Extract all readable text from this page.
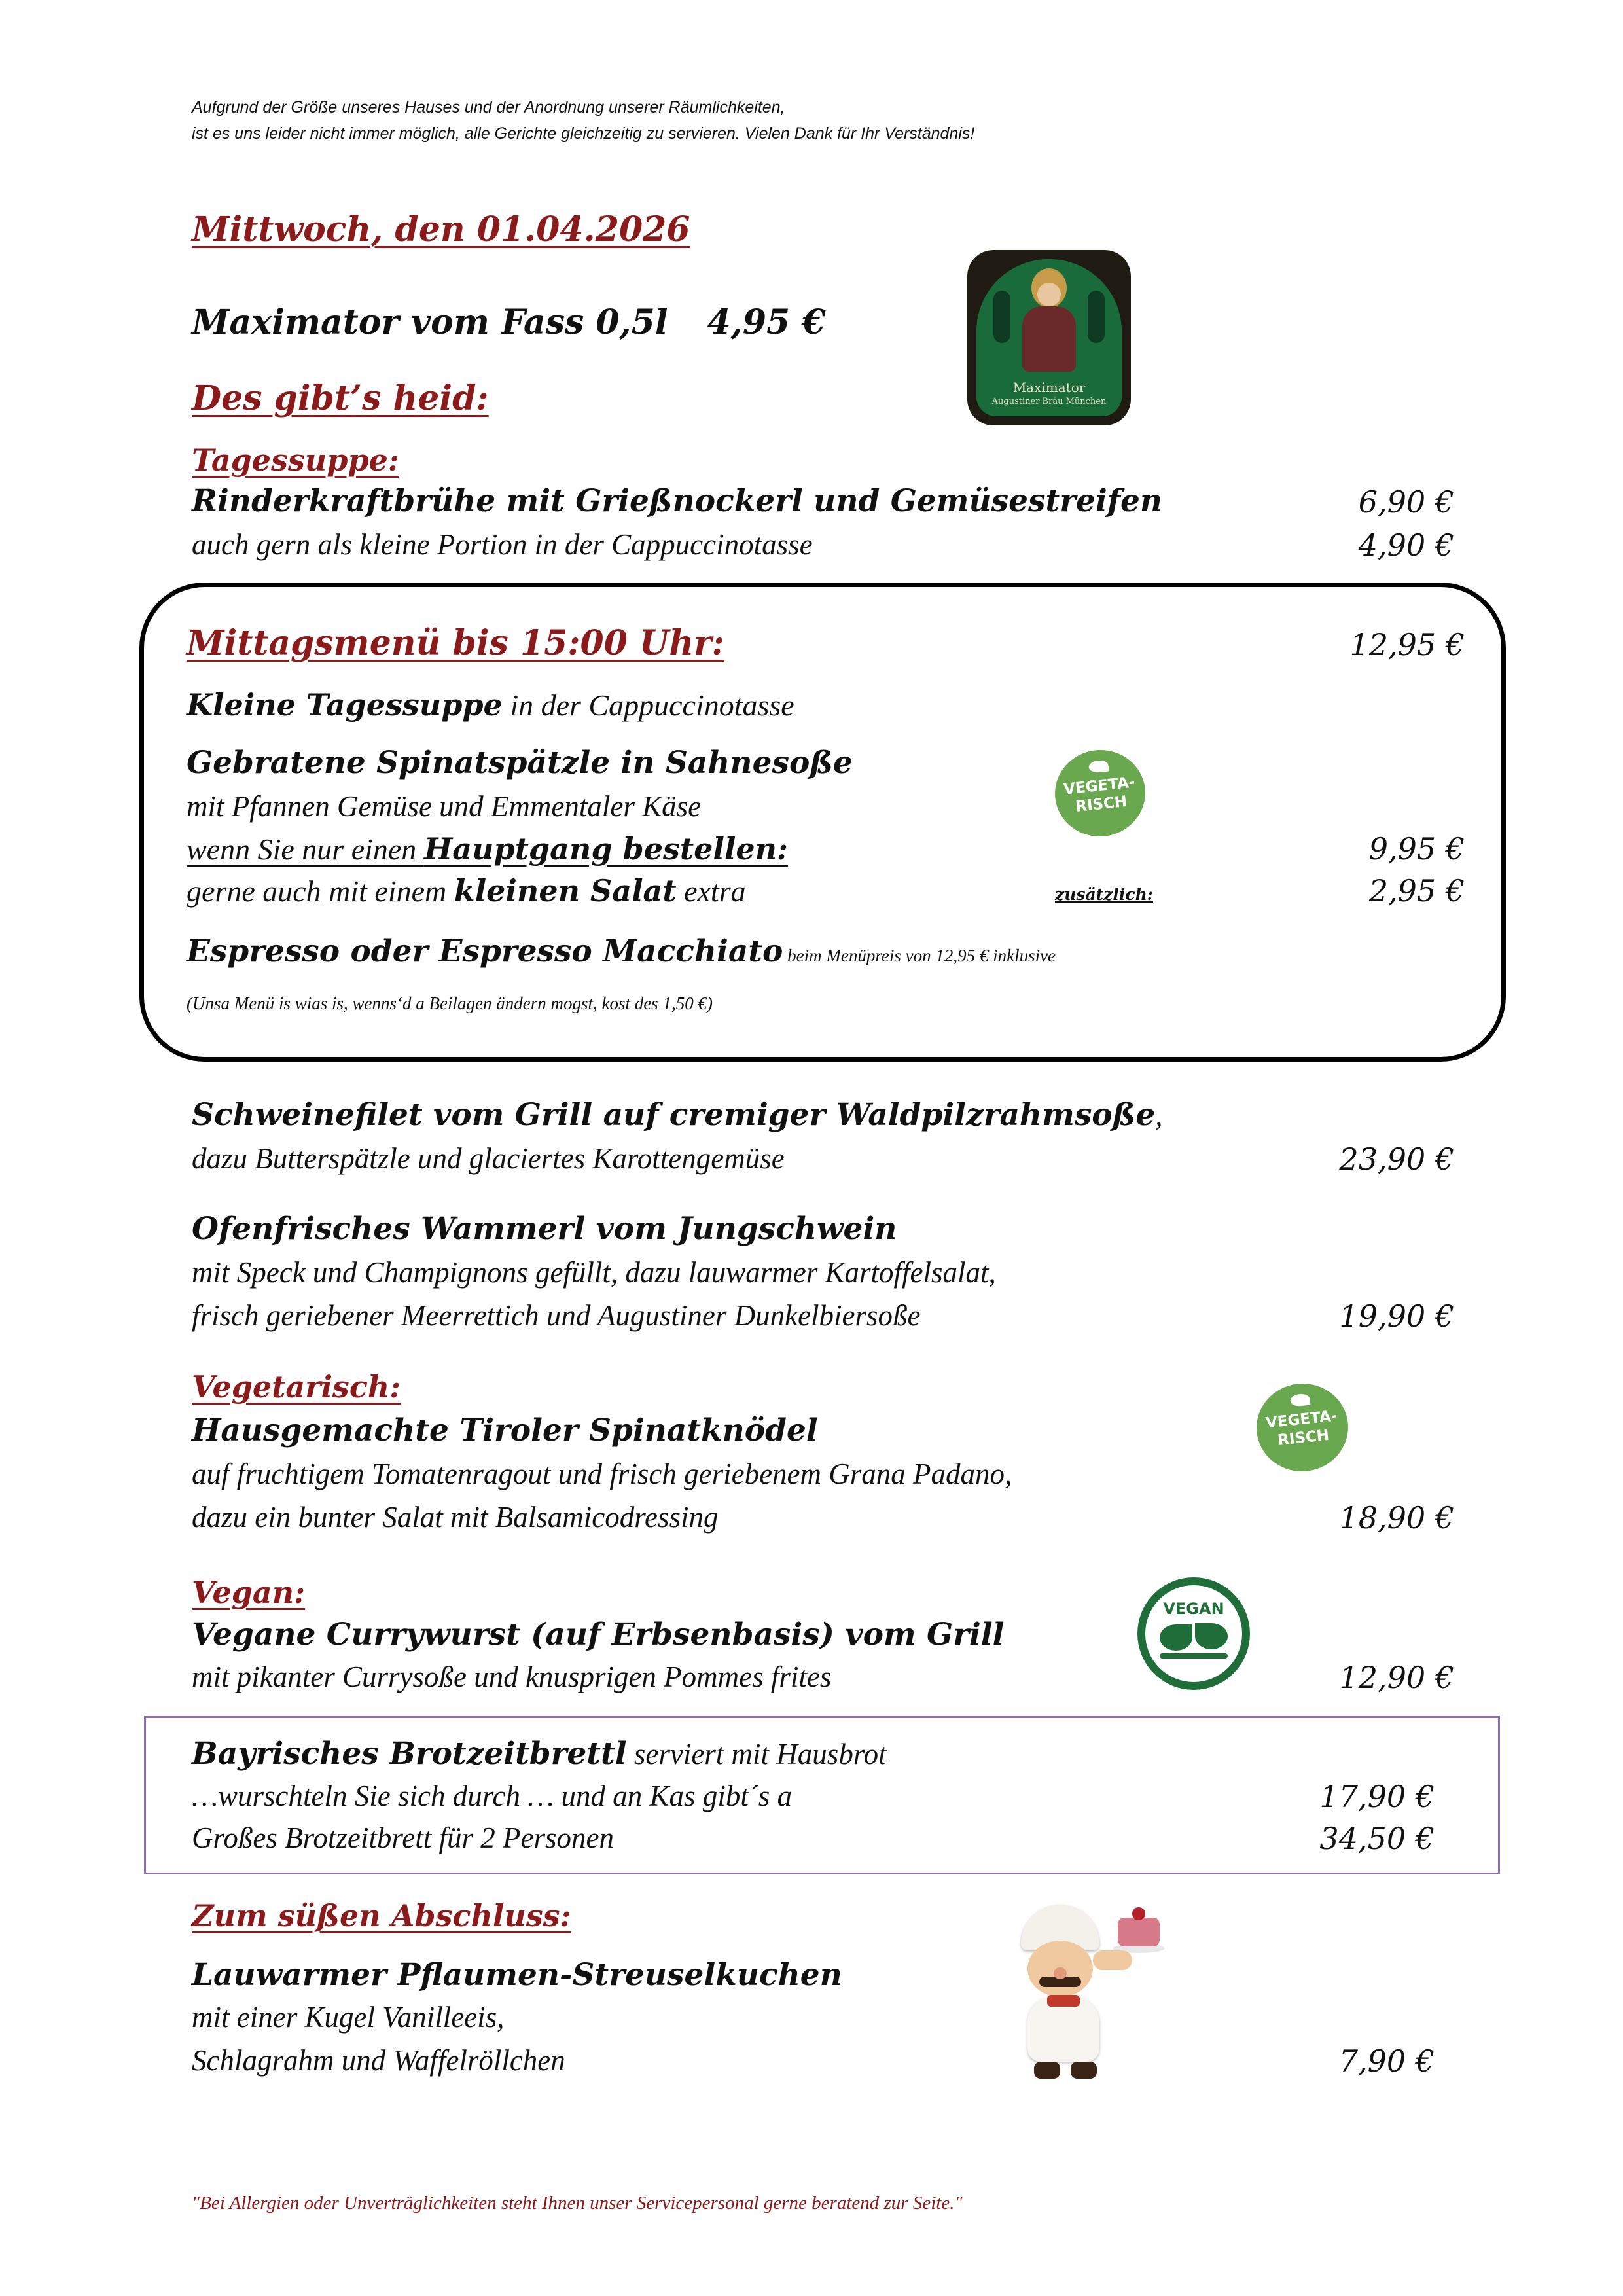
Aufgrund der Größe unseres Hauses und der Anordnung unserer Räumlichkeiten,
ist es uns leider nicht immer möglich, alle Gerichte gleichzeitig zu servieren. Vielen Dank für Ihr Verständnis!
Mittwoch, den 01.04.2026
Maximator vom Fass 0,5l 4,95 €
Maximator
Augustiner Bräu München
Des gibt’s heid:
Tagessuppe:
Rinderkraftbrühe mit Grießnockerl und Gemüsestreifen	6,90 €
auch gern als kleine Portion in der Cappuccinotasse	4,90 €
Mittagsmenü bis 15:00 Uhr:	12,95 €
Kleine Tagessuppe in der Cappuccinotasse
Gebratene Spinatspätzle in Sahnesoße
mit Pfannen Gemüse und Emmentaler Käse
wenn Sie nur einen Hauptgang bestellen:	9,95 €
gerne auch mit einem kleinen Salat extra	zusätzlich:	2,95 €
Espresso oder Espresso Macchiato beim Menüpreis von 12,95 € inklusive
(Unsa Menü is wias is, wenns‘d a Beilagen ändern mogst, kost des 1,50 €)
VEGETA-
RISCH
Schweinefilet vom Grill auf cremiger Waldpilzrahmsoße,
dazu Butterspätzle und glaciertes Karottengemüse	23,90 €
Ofenfrisches Wammerl vom Jungschwein
mit Speck und Champignons gefüllt, dazu lauwarmer Kartoffelsalat,
frisch geriebener Meerrettich und Augustiner Dunkelbiersoße	19,90 €
Vegetarisch:
Hausgemachte Tiroler Spinatknödel
auf fruchtigem Tomatenragout und frisch geriebenem Grana Padano,
dazu ein bunter Salat mit Balsamicodressing	18,90 €
VEGETA-
RISCH
Vegan:
Vegane Currywurst (auf Erbsenbasis) vom Grill
mit pikanter Currysoße und knusprigen Pommes frites	12,90 €
VEGAN
Bayrisches Brotzeitbrettl serviert mit Hausbrot
…wurschteln Sie sich durch … und an Kas gibt´s a	17,90 €
Großes Brotzeitbrett für 2 Personen	34,50 €
Zum süßen Abschluss:
Lauwarmer Pflaumen-Streuselkuchen
mit einer Kugel Vanilleeis,
Schlagrahm und Waffelröllchen	7,90 €
"Bei Allergien oder Unverträglichkeiten steht Ihnen unser Servicepersonal gerne beratend zur Seite."
